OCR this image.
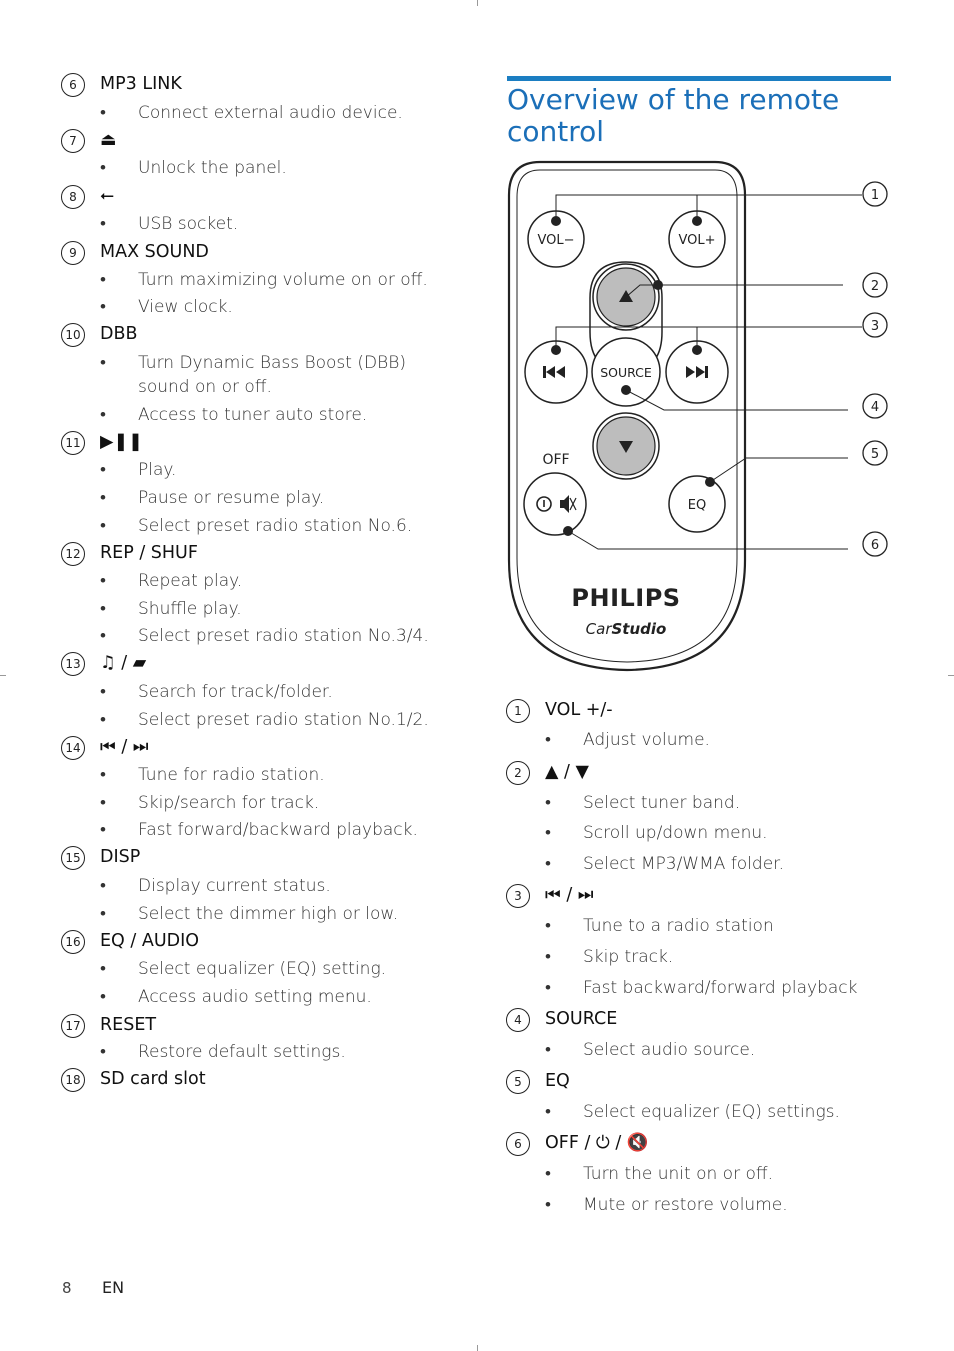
6	MP3 LINK
• Connect external audio device.
7	⏏
• Unlock the panel.
8	⭠
• USB socket.
9	MAX SOUND
• Turn maximizing volume on or off.
• View clock.
10 DBB
• Turn Dynamic Bass Boost (DBB)
sound on or off.
• Access to tuner auto store.
11 ▶❚❚
• Play.
• Pause or resume play.
• Select preset radio station No.6.
12 REP / SHUF
• Repeat play.
• Shuffle play.
• Select preset radio station No.3/4.
13 ♫ / ▰
• Search for track/folder.
• Select preset radio station No.1/2.
14 ⏮ / ⏭
• Tune for radio station.
• Skip/search for track.
• Fast forward/backward playback.
15 DISP
• Display current status.
• Select the dimmer high or low.
16 EQ / AUDIO
• Select equalizer (EQ) setting.
• Access audio setting menu.
17 RESET
• Restore default settings.
18 SD card slot
Overview of the remote control
VOL−	VOL+
SOURCE
OFF
EQ
PHILIPS
CarStudio
1
2
3
4
5
6
1	VOL +/-
• Adjust volume.
2	▲ / ▼
• Select tuner band.
• Scroll up/down menu.
• Select MP3/WMA folder.
3	⏮ / ⏭
• Tune to a radio station
• Skip track.
• Fast backward/forward playback
4	SOURCE
• Select audio source.
5	EQ
• Select equalizer (EQ) settings.
6	OFF / ⏻ / 🔇
• Turn the unit on or off.
• Mute or restore volume.
8 EN
